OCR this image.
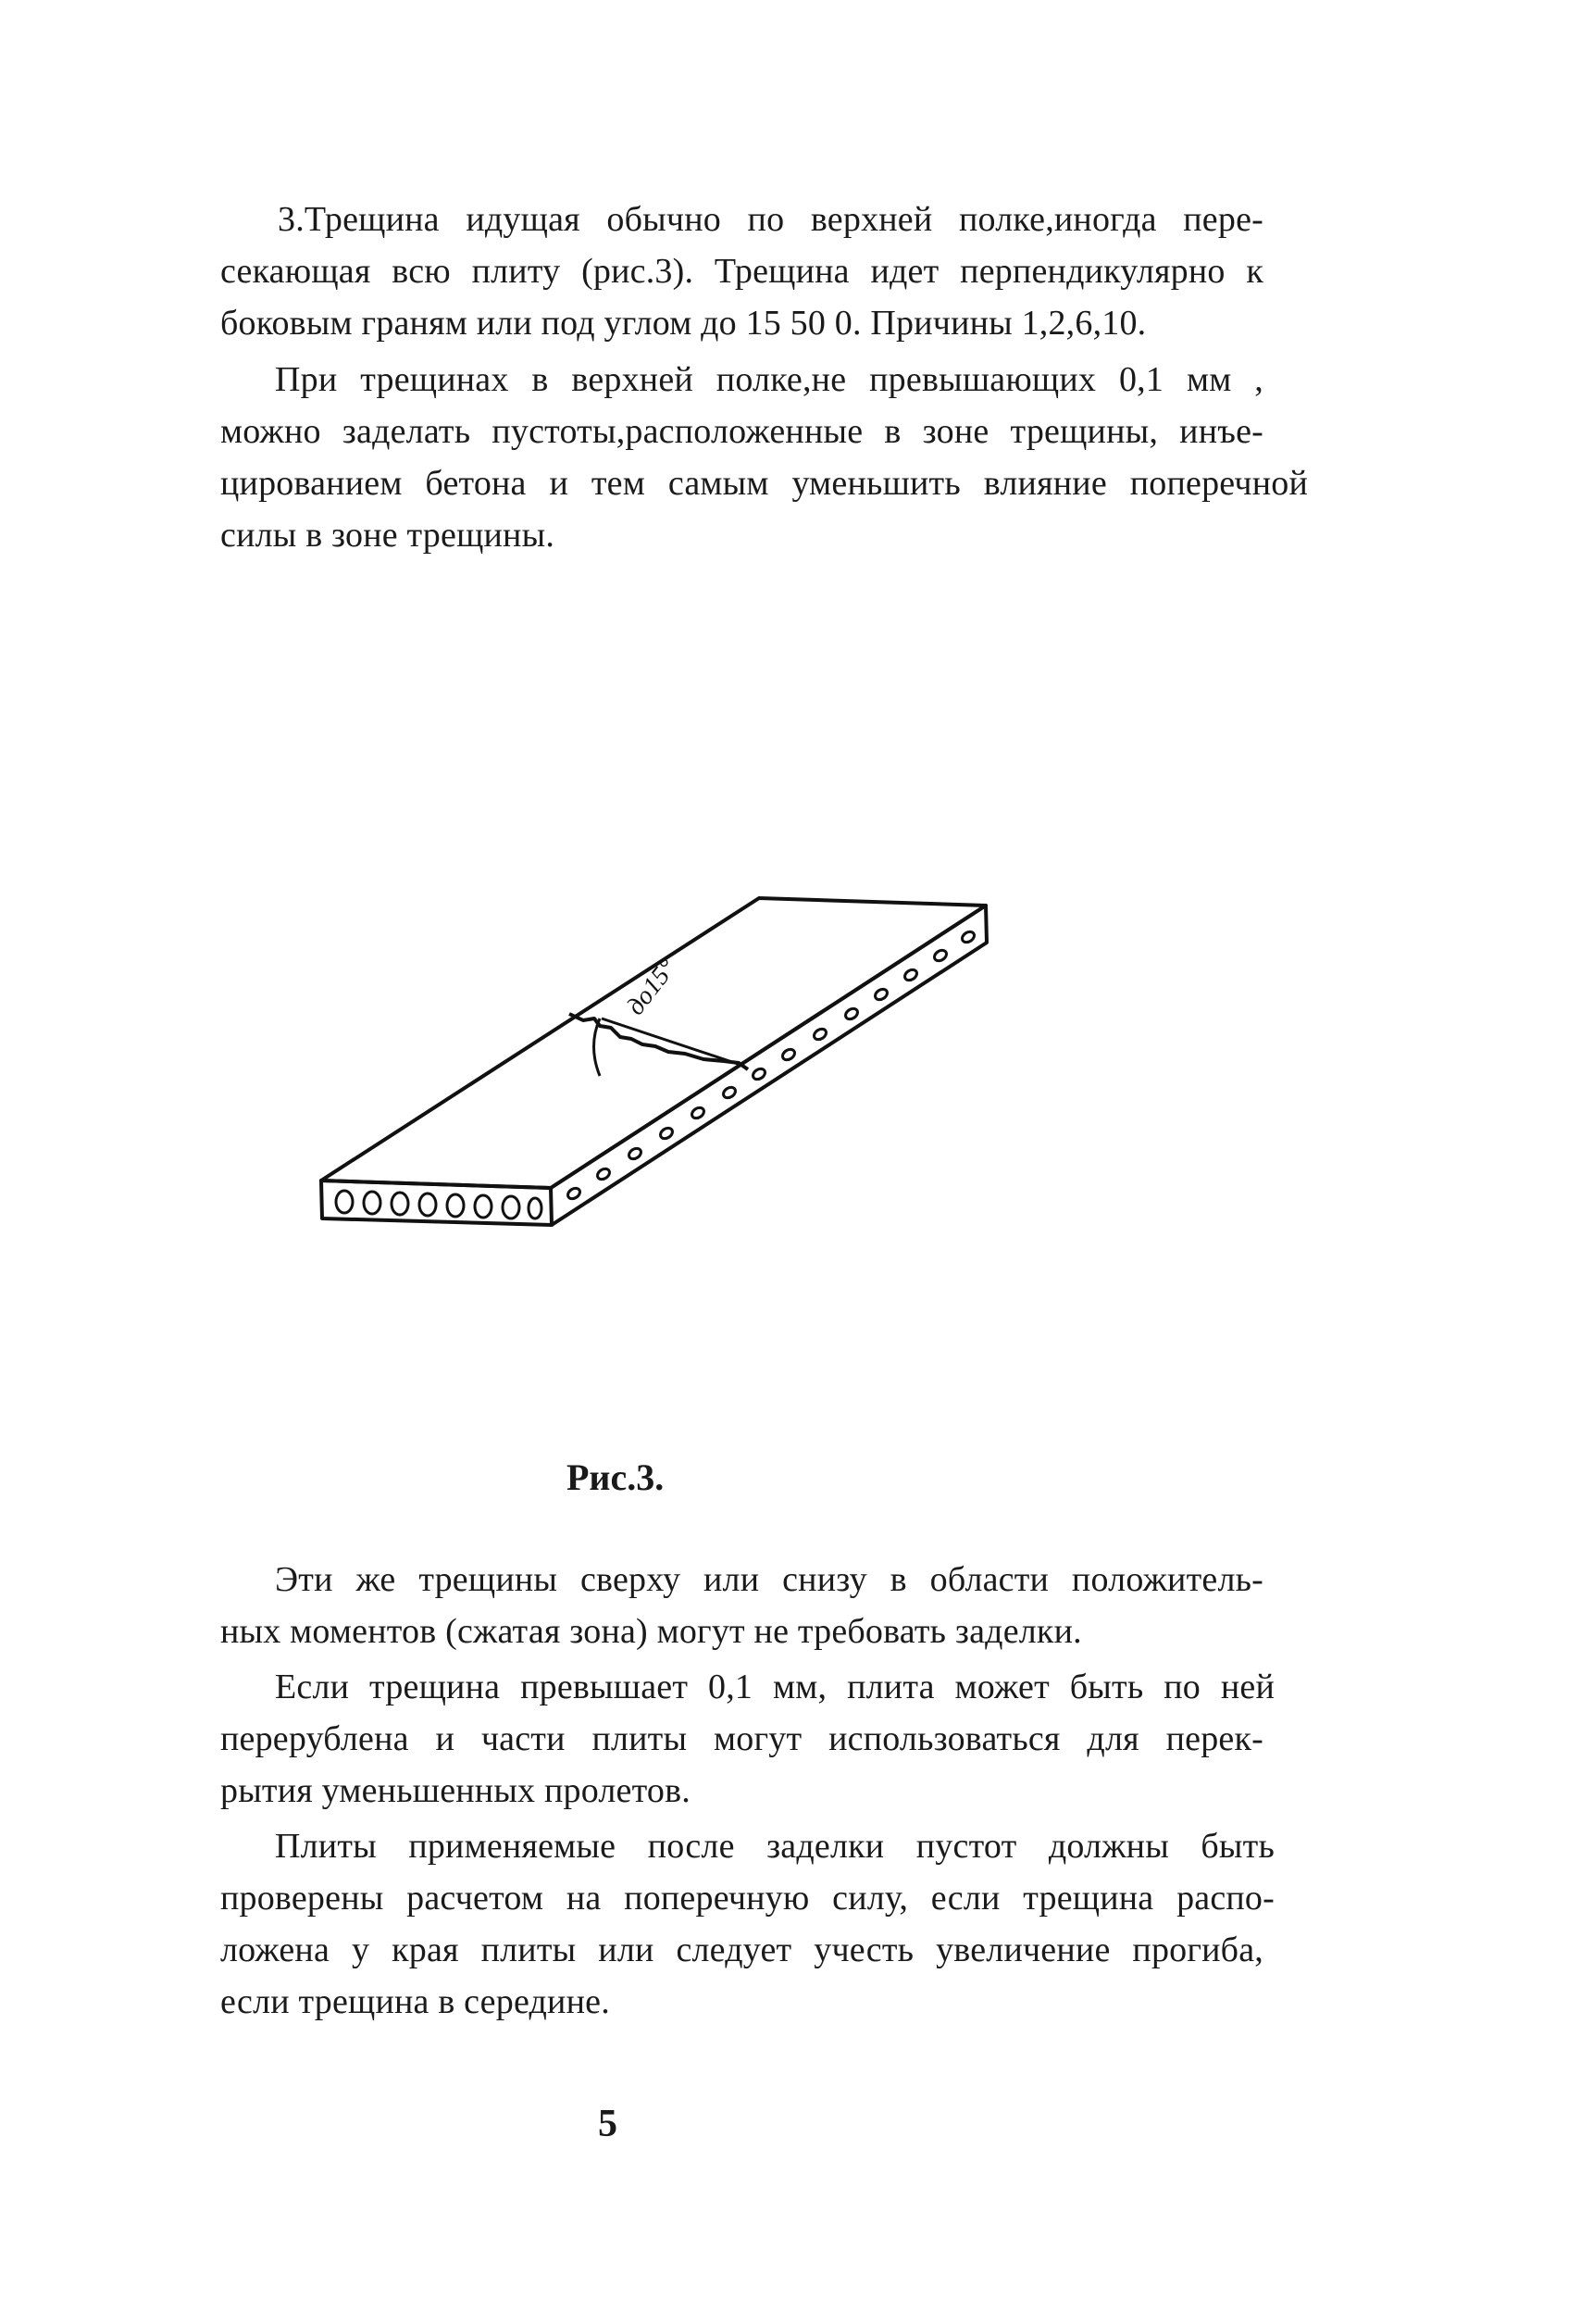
3.Трещина идущая обычно по верхней полке,иногда пере-
секающая всю плиту (рис.3). Трещина идет перпендикулярно к
боковым граням или под углом до 15 50 0. Причины 1,2,6,10.
При трещинах в верхней полке,не превышающих 0,1 мм ,
можно заделать пустоты,расположенные в зоне трещины, инъе-
цированием бетона и тем самым уменьшить влияние поперечной
силы в зоне трещины.
до15°
Рис.3.
Эти же трещины сверху или снизу в области положитель-
ных моментов (сжатая зона) могут не требовать заделки.
Если трещина превышает 0,1 мм, плита может быть по ней
перерублена и части плиты могут использоваться для перек-
рытия уменьшенных пролетов.
Плиты применяемые после заделки пустот должны быть
проверены расчетом на поперечную силу, если трещина распо-
ложена у края плиты или следует учесть увеличение прогиба,
если трещина в середине.
5
